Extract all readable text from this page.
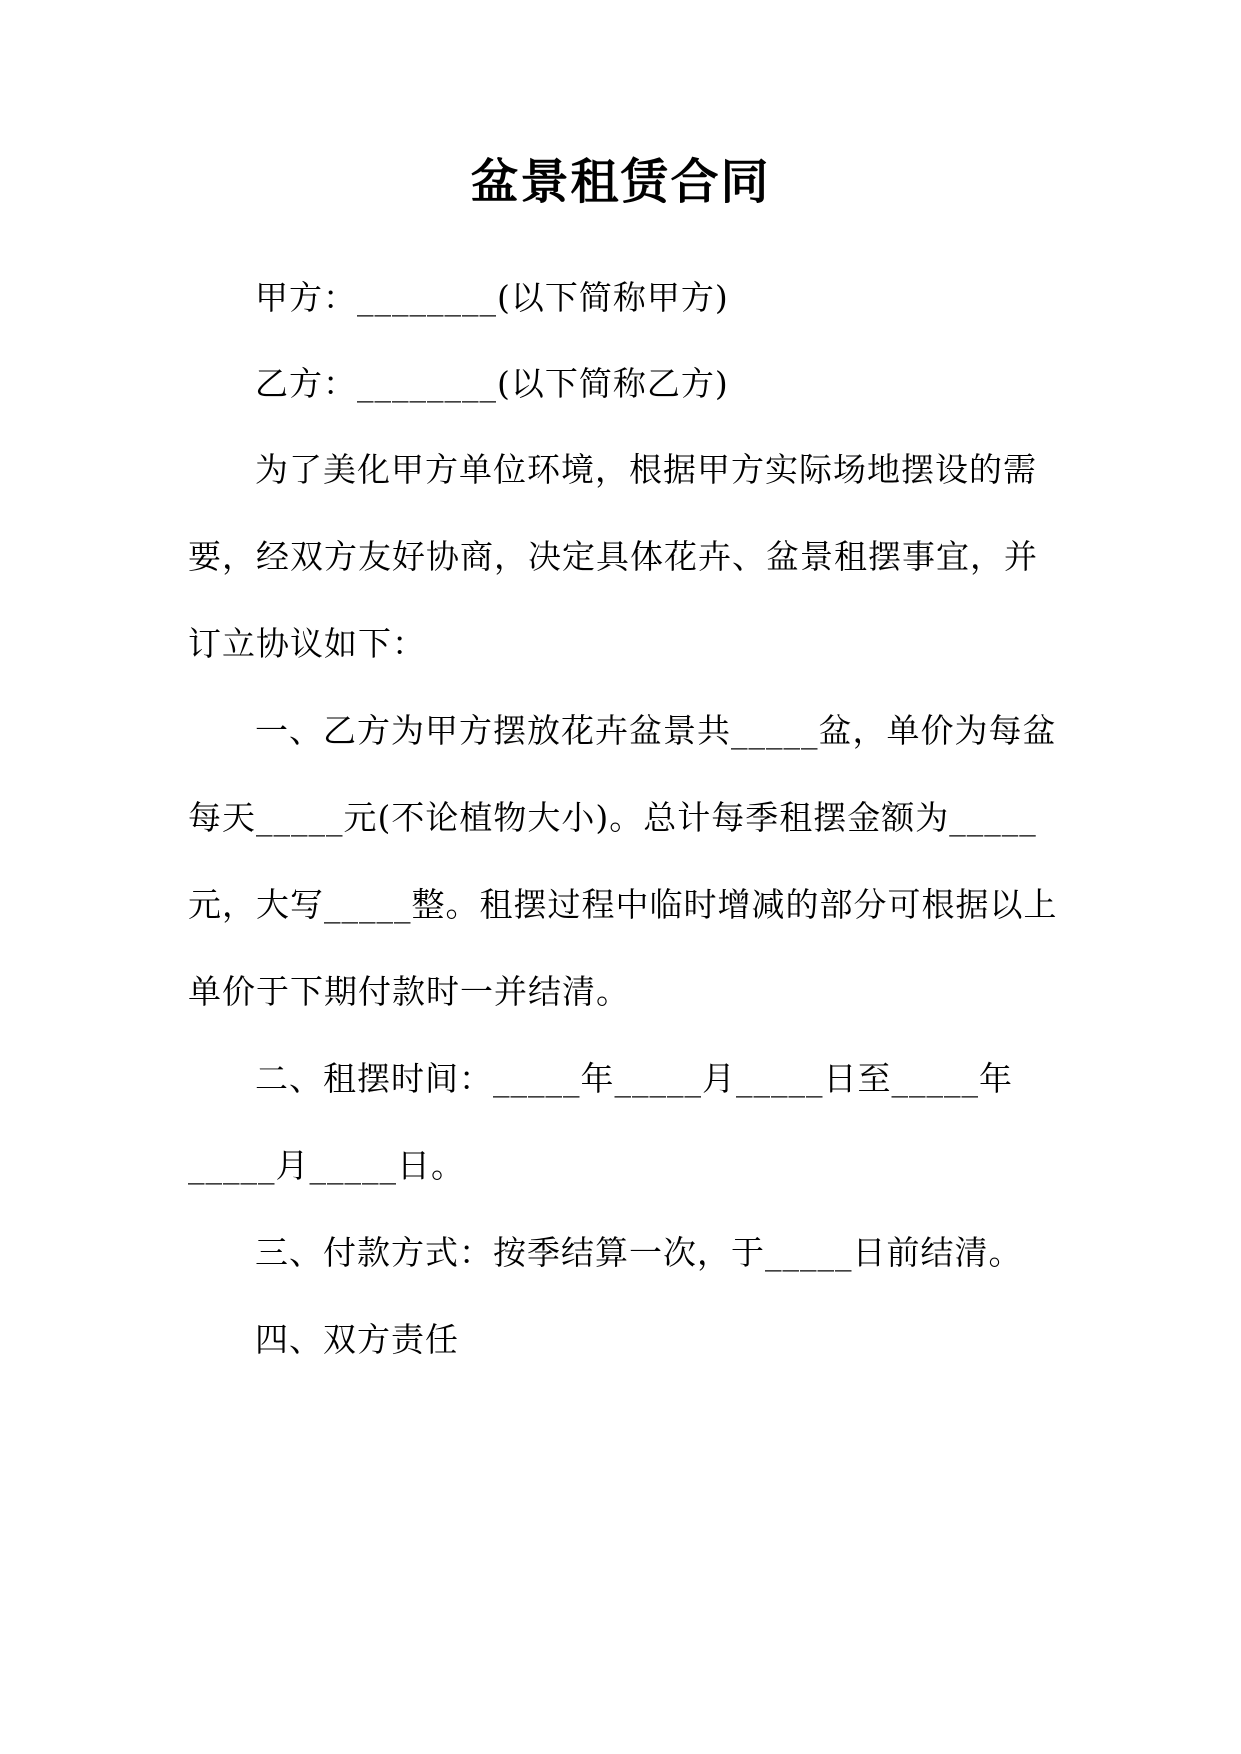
盆景租赁合同
甲方：________(以下简称甲方)
乙方：________(以下简称乙方)
为了美化甲方单位环境，根据甲方实际场地摆设的需
要，经双方友好协商，决定具体花卉、盆景租摆事宜，并
订立协议如下：
一、乙方为甲方摆放花卉盆景共_____盆，单价为每盆
每天_____元(不论植物大小)。总计每季租摆金额为_____
元，大写_____整。租摆过程中临时增减的部分可根据以上
单价于下期付款时一并结清。
二、租摆时间：_____年_____月_____日至_____年
_____月_____日。
三、付款方式：按季结算一次，于_____日前结清。
四、双方责任
